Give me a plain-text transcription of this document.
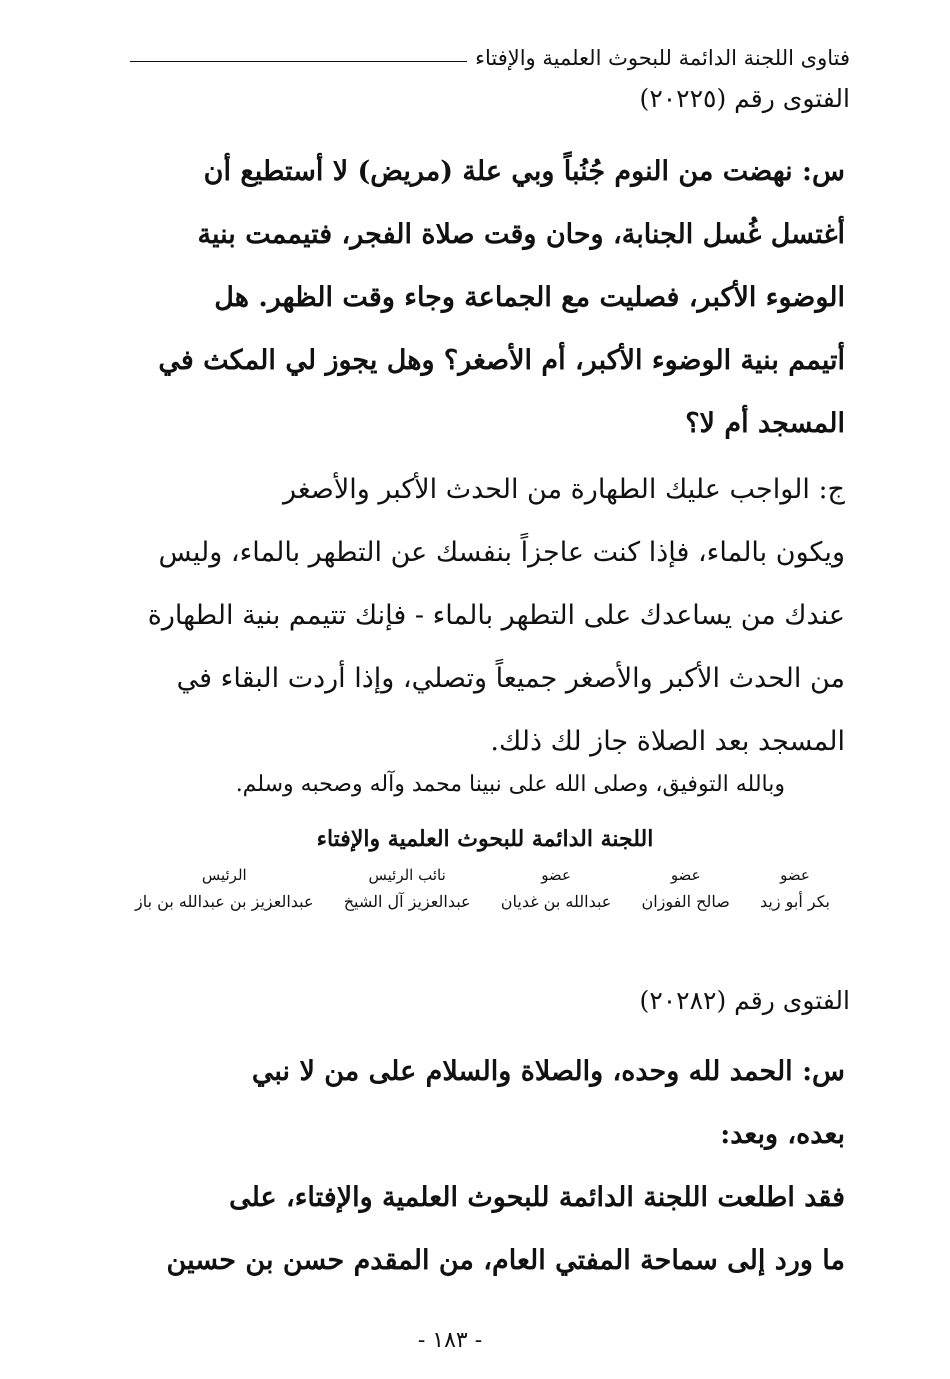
فتاوى اللجنة الدائمة للبحوث العلمية والإفتاء
الفتوى رقم (٢٠٢٢٥)
س: نهضت من النوم جُنُباً وبي علة (مريض) لا أستطيع أن
أغتسل غُسل الجنابة، وحان وقت صلاة الفجر، فتيممت بنية
الوضوء الأكبر، فصليت مع الجماعة وجاء وقت الظهر. هل
أتيمم بنية الوضوء الأكبر، أم الأصغر؟ وهل يجوز لي المكث في
المسجد أم لا؟
ج: الواجب عليك الطهارة من الحدث الأكبر والأصغر
ويكون بالماء، فإذا كنت عاجزاً بنفسك عن التطهر بالماء، وليس
عندك من يساعدك على التطهر بالماء - فإنك تتيمم بنية الطهارة
من الحدث الأكبر والأصغر جميعاً وتصلي، وإذا أردت البقاء في
المسجد بعد الصلاة جاز لك ذلك.
وبالله التوفيق، وصلى الله على نبينا محمد وآله وصحبه وسلم.
اللجنة الدائمة للبحوث العلمية والإفتاء
عضو
بكر أبو زيد
عضو
صالح الفوزان
عضو
عبدالله بن غديان
نائب الرئيس
عبدالعزيز آل الشيخ
الرئيس
عبدالعزيز بن عبدالله بن باز
الفتوى رقم (٢٠٢٨٢)
س: الحمد لله وحده، والصلاة والسلام على من لا نبي
بعده، وبعد:
فقد اطلعت اللجنة الدائمة للبحوث العلمية والإفتاء، على
ما ورد إلى سماحة المفتي العام، من المقدم حسن بن حسين
- ١٨٣ -
